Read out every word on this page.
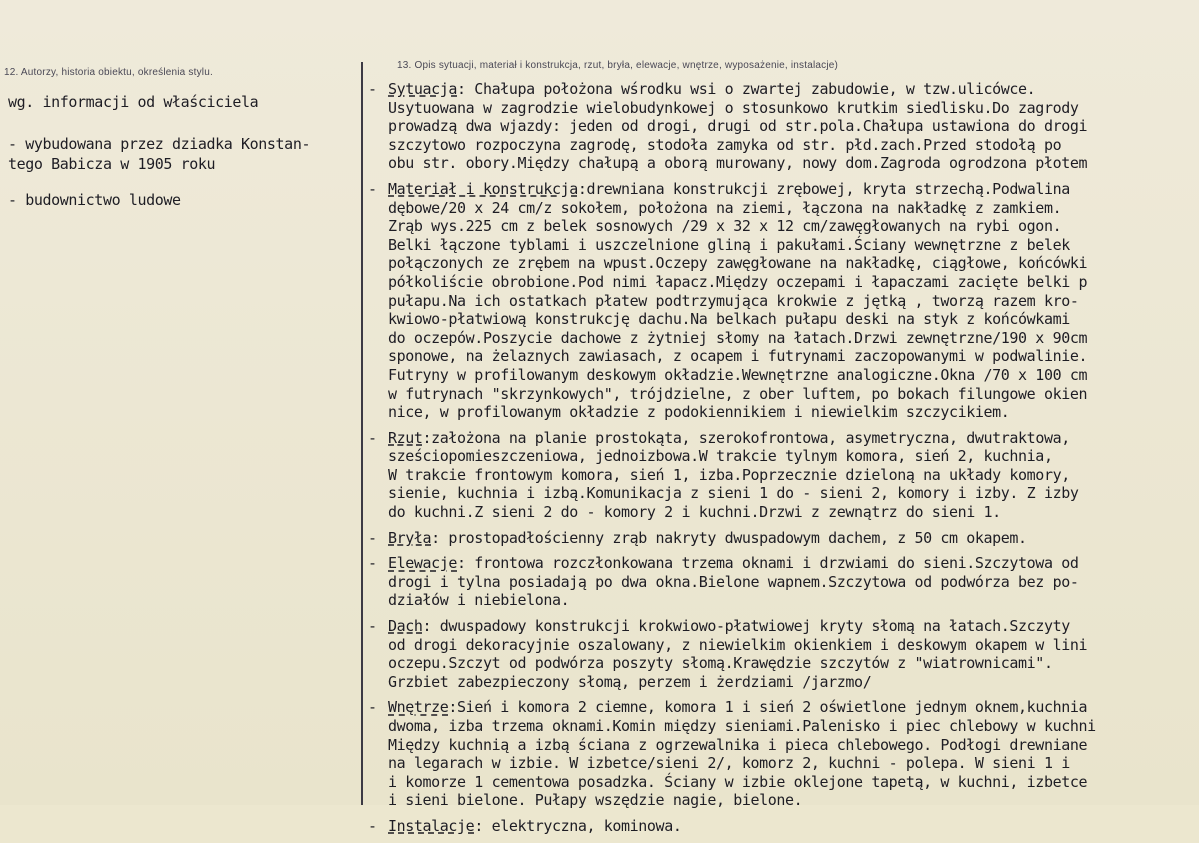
12. Autorzy, historia obiektu, określenia stylu.
13. Opis sytuacji, materiał i konstrukcja, rzut, bryła, elewacje, wnętrze, wyposażenie, instalacje)

wg. informacji od właściciela

- wybudowana przez dziadka Konstan-

tego Babicza w 1905 roku

- budownictwo ludowe

- Sytuacja: Chałupa położona wśrodku wsi o zwartej zabudowie, w tzw.ulicówce.
Usytuowana w zagrodzie wielobudynkowej o stosunkowo krutkim siedlisku.Do zagrody
prowadzą dwa wjazdy: jeden od drogi, drugi od str.pola.Chałupa ustawiona do drogi
szczytowo rozpoczyna zagrodę, stodoła zamyka od str. płd.zach.Przed stodołą po
obu str. obory.Między chałupą a oborą murowany, nowy dom.Zagroda ogrodzona płotem
- Materiał i konstrukcja:drewniana konstrukcji zrębowej, kryta strzechą.Podwalina
dębowe/20 x 24 cm/z sokołem, położona na ziemi, łączona na nakładkę z zamkiem.
Zrąb wys.225 cm z belek sosnowych /29 x 32 x 12 cm/zawęgłowanych na rybi ogon.
Belki łączone tyblami i uszczelnione gliną i pakułami.Ściany wewnętrzne z belek
połączonych ze zrębem na wpust.Oczepy zawęgłowane na nakładkę, ciągłowe, końcówki
półkoliście obrobione.Pod nimi łapacz.Między oczepami i łapaczami zacięte belki p
pułapu.Na ich ostatkach płatew podtrzymująca krokwie z jętką , tworzą razem kro-
kwiowo-płatwiową konstrukcję dachu.Na belkach pułapu deski na styk z końcówkami
do oczepów.Poszycie dachowe z żytniej słomy na łatach.Drzwi zewnętrzne/190 x 90cm
sponowe, na żelaznych zawiasach, z ocapem i futrynami zaczopowanymi w podwalinie.
Futryny w profilowanym deskowym okładzie.Wewnętrzne analogiczne.Okna /70 x 100 cm
w futrynach "skrzynkowych", trójdzielne, z ober luftem, po bokach filungowe okien
nice, w profilowanym okładzie z podokiennikiem i niewielkim szczycikiem.
- Rzut:założona na planie prostokąta, szerokofrontowa, asymetryczna, dwutraktowa,
sześciopomieszczeniowa, jednoizbowa.W trakcie tylnym komora, sień 2, kuchnia,
W trakcie frontowym komora, sień 1, izba.Poprzecznie dzieloną na układy komory,
sienie, kuchnia i izbą.Komunikacja z sieni 1 do - sieni 2, komory i izby. Z izby
do kuchni.Z sieni 2 do - komory 2 i kuchni.Drzwi z zewnątrz do sieni 1.
- Bryła: prostopadłościenny zrąb nakryty dwuspadowym dachem, z 50 cm okapem.
- Elewacje: frontowa rozczłonkowana trzema oknami i drzwiami do sieni.Szczytowa od
drogi i tylna posiadają po dwa okna.Bielone wapnem.Szczytowa od podwórza bez po-
działów i niebielona.
- Dach: dwuspadowy konstrukcji krokwiowo-płatwiowej kryty słomą na łatach.Szczyty
od drogi dekoracyjnie oszalowany, z niewielkim okienkiem i deskowym okapem w lini
oczepu.Szczyt od podwórza poszyty słomą.Krawędzie szczytów z "wiatrownicami".
Grzbiet zabezpieczony słomą, perzem i żerdziami /jarzmo/
- Wnętrze:Sień i komora 2 ciemne, komora 1 i sień 2 oświetlone jednym oknem,kuchnia
dwoma, izba trzema oknami.Komin między sieniami.Palenisko i piec chlebowy w kuchni
Między kuchnią a izbą ściana z ogrzewalnika i pieca chlebowego. Podłogi drewniane
na legarach w izbie. W izbetce/sieni 2/, komorz 2, kuchni - polepa. W sieni 1 i
i komorze 1 cementowa posadzka. Ściany w izbie oklejone tapetą, w kuchni, izbetce
i sieni bielone. Pułapy wszędzie nagie, bielone.
- Instalacje: elektryczna, kominowa.
